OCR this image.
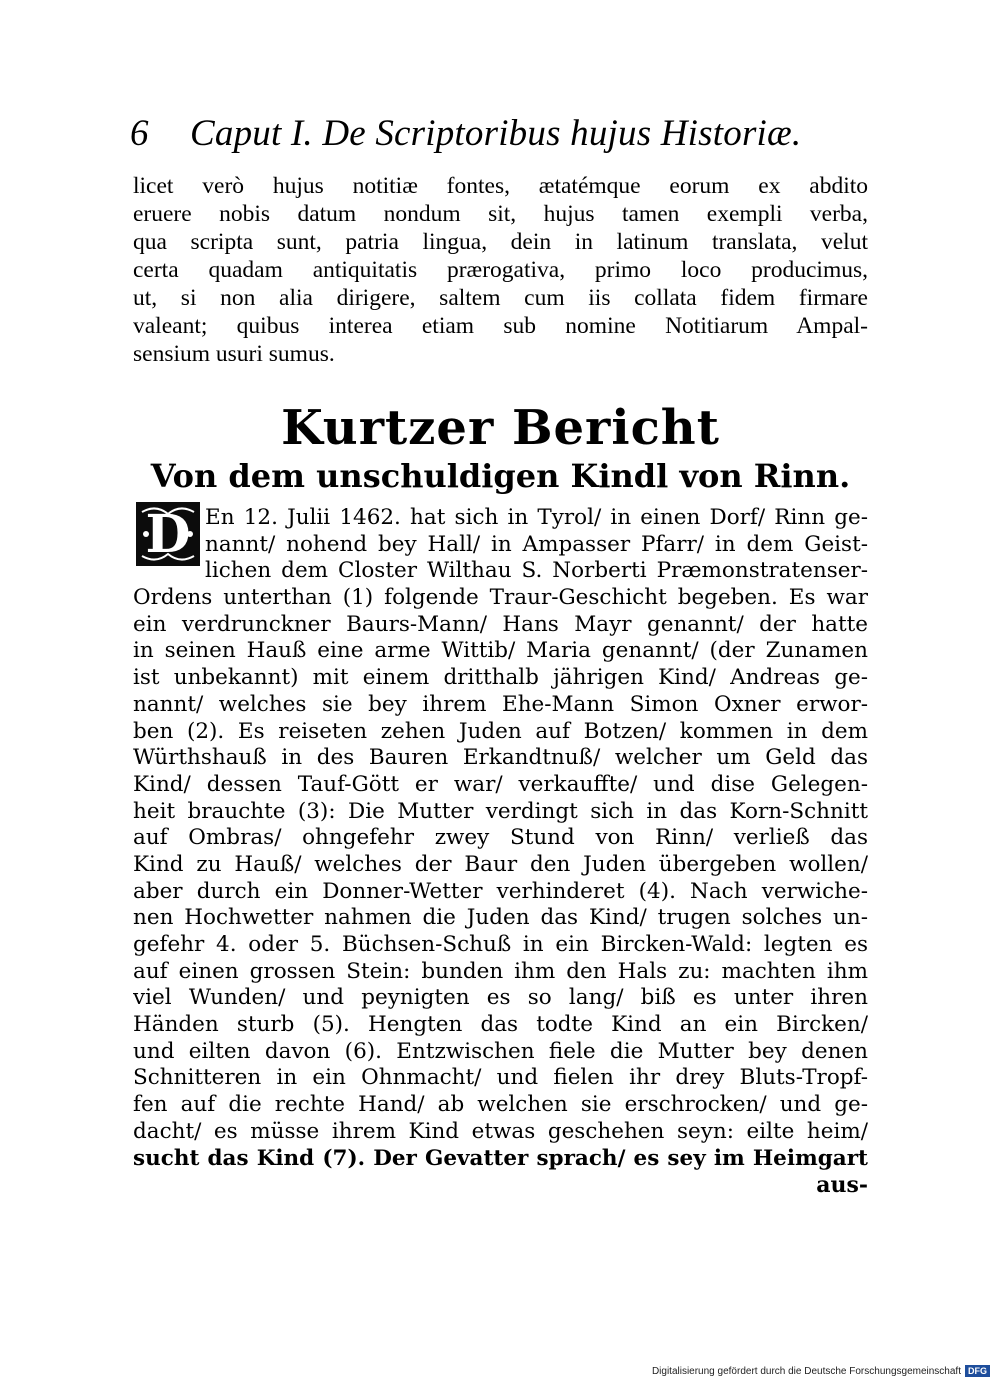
6 Caput I. De Scriptoribus hujus Historiæ.
licet verò hujus notitiæ fontes, ætatémque eorum ex abdito
eruere nobis datum nondum sit, hujus tamen exempli verba,
qua scripta sunt, patria lingua, dein in latinum translata, velut
certa quadam antiquitatis prærogativa, primo loco producimus,
ut, si non alia dirigere, saltem cum iis collata fidem firmare
valeant; quibus interea etiam sub nomine Notitiarum Ampal-
sensium usuri sumus.
Kurtzer Bericht
Von dem unschuldigen Kindl von Rinn.
D En 12. Julii 1462. hat sich in Tyrol/ in einen Dorf/ Rinn ge-
nannt/ nohend bey Hall/ in Ampasser Pfarr/ in dem Geist-
lichen dem Closter Wilthau S. Norberti Præmonstratenser-
Ordens unterthan (1) folgende Traur-Geschicht begeben. Es war
ein verdrunckner Baurs-Mann/ Hans Mayr genannt/ der hatte
in seinen Hauß eine arme Wittib/ Maria genannt/ (der Zunamen
ist unbekannt) mit einem dritthalb jährigen Kind/ Andreas ge-
nannt/ welches sie bey ihrem Ehe-Mann Simon Oxner erwor-
ben (2). Es reiseten zehen Juden auf Botzen/ kommen in dem
Würthshauß in des Bauren Erkandtnuß/ welcher um Geld das
Kind/ dessen Tauf-Gött er war/ verkauffte/ und dise Gelegen-
heit brauchte (3): Die Mutter verdingt sich in das Korn-Schnitt
auf Ombras/ ohngefehr zwey Stund von Rinn/ verließ das
Kind zu Hauß/ welches der Baur den Juden übergeben wollen/
aber durch ein Donner-Wetter verhinderet (4). Nach verwiche-
nen Hochwetter nahmen die Juden das Kind/ trugen solches un-
gefehr 4. oder 5. Büchsen-Schuß in ein Bircken-Wald: legten es
auf einen grossen Stein: bunden ihm den Hals zu: machten ihm
viel Wunden/ und peynigten es so lang/ biß es unter ihren
Händen sturb (5). Hengten das todte Kind an ein Bircken/
und eilten davon (6). Entzwischen fiele die Mutter bey denen
Schnitteren in ein Ohnmacht/ und fielen ihr drey Bluts-Tropf-
fen auf die rechte Hand/ ab welchen sie erschrocken/ und ge-
dacht/ es müsse ihrem Kind etwas geschehen seyn: eilte heim/
sucht das Kind (7). Der Gevatter sprach/ es sey im Heimgart
aus-
Digitalisierung gefördert durch die Deutsche Forschungsgemeinschaft DFG
